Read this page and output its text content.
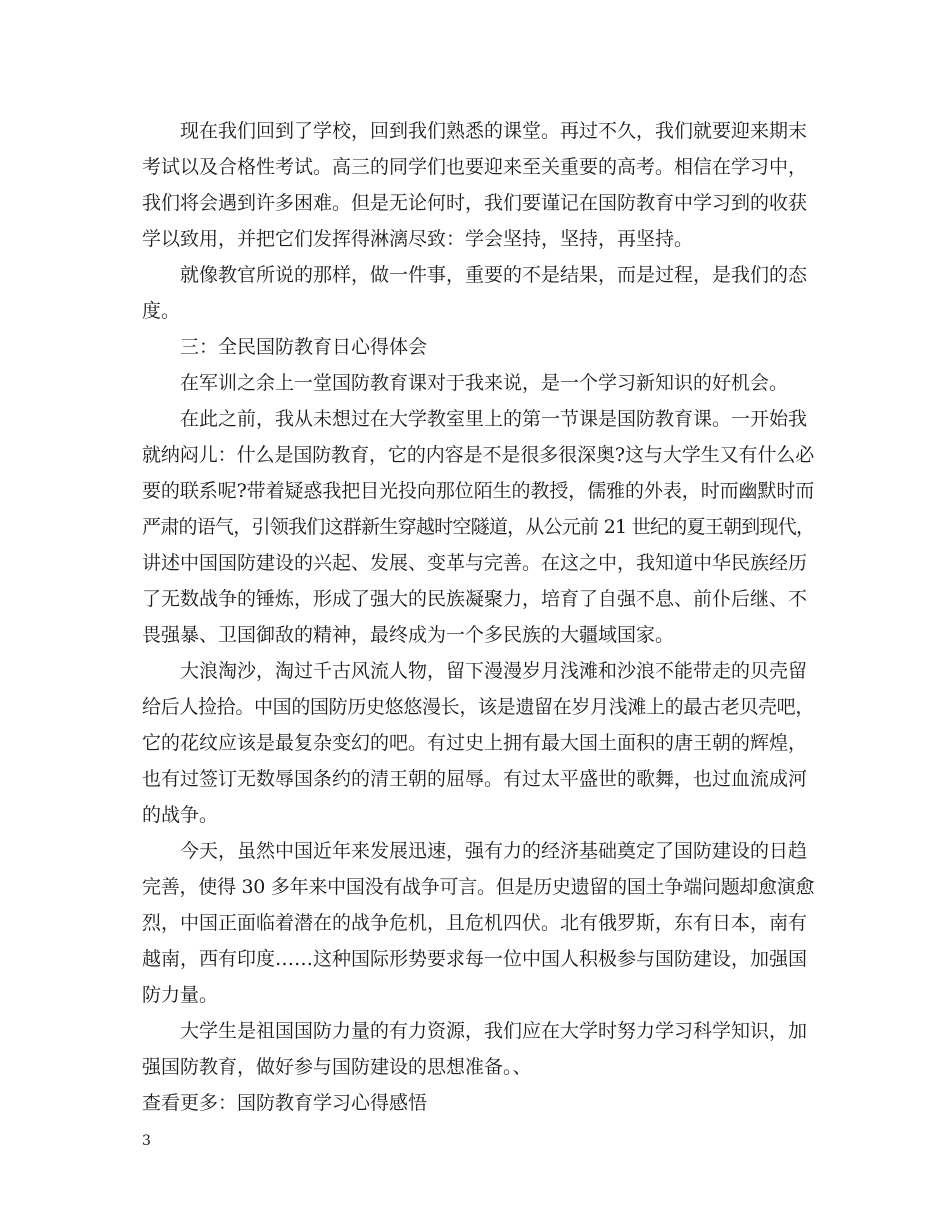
现在我们回到了学校，回到我们熟悉的课堂。再过不久，我们就要迎来期末
考试以及合格性考试。高三的同学们也要迎来至关重要的高考。相信在学习中，
我们将会遇到许多困难。但是无论何时，我们要谨记在国防教育中学习到的收获
学以致用，并把它们发挥得淋漓尽致：学会坚持，坚持，再坚持。
就像教官所说的那样，做一件事，重要的不是结果，而是过程，是我们的态
度。
三：全民国防教育日心得体会
在军训之余上一堂国防教育课对于我来说，是一个学习新知识的好机会。
在此之前，我从未想过在大学教室里上的第一节课是国防教育课。一开始我
就纳闷儿：什么是国防教育，它的内容是不是很多很深奥?这与大学生又有什么必
要的联系呢?带着疑惑我把目光投向那位陌生的教授，儒雅的外表，时而幽默时而
严肃的语气，引领我们这群新生穿越时空隧道，从公元前 21 世纪的夏王朝到现代，
讲述中国国防建设的兴起、发展、变革与完善。在这之中，我知道中华民族经历
了无数战争的锤炼，形成了强大的民族凝聚力，培育了自强不息、前仆后继、不
畏强暴、卫国御敌的精神，最终成为一个多民族的大疆域国家。
大浪淘沙，淘过千古风流人物，留下漫漫岁月浅滩和沙浪不能带走的贝壳留
给后人捡拾。中国的国防历史悠悠漫长，该是遗留在岁月浅滩上的最古老贝壳吧，
它的花纹应该是最复杂变幻的吧。有过史上拥有最大国土面积的唐王朝的辉煌，
也有过签订无数辱国条约的清王朝的屈辱。有过太平盛世的歌舞，也过血流成河
的战争。
今天，虽然中国近年来发展迅速，强有力的经济基础奠定了国防建设的日趋
完善，使得 30 多年来中国没有战争可言。但是历史遗留的国土争端问题却愈演愈
烈，中国正面临着潜在的战争危机，且危机四伏。北有俄罗斯，东有日本，南有
越南，西有印度……这种国际形势要求每一位中国人积极参与国防建设，加强国
防力量。
大学生是祖国国防力量的有力资源，我们应在大学时努力学习科学知识，加
强国防教育，做好参与国防建设的思想准备。、
查看更多：国防教育学习心得感悟
3
